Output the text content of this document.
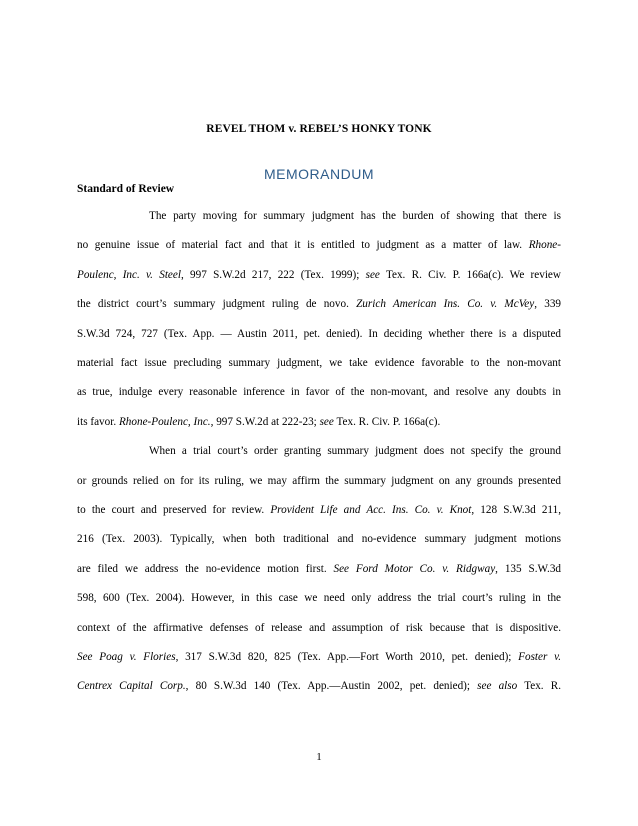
REVEL THOM v. REBEL’S HONKY TONK
MEMORANDUM
Standard of Review
The party moving for summary judgment has the burden of showing that there is
no genuine issue of material fact and that it is entitled to judgment as a matter of law. Rhone-
Poulenc, Inc. v. Steel, 997 S.W.2d 217, 222 (Tex. 1999); see Tex. R. Civ. P. 166a(c). We review
the district court’s summary judgment ruling de novo. Zurich American Ins. Co. v. McVey, 339
S.W.3d 724, 727 (Tex. App. — Austin 2011, pet. denied). In deciding whether there is a disputed
material fact issue precluding summary judgment, we take evidence favorable to the non-movant
as true, indulge every reasonable inference in favor of the non-movant, and resolve any doubts in
its favor. Rhone-Poulenc, Inc., 997 S.W.2d at 222-23; see Tex. R. Civ. P. 166a(c).
When a trial court’s order granting summary judgment does not specify the ground
or grounds relied on for its ruling, we may affirm the summary judgment on any grounds presented
to the court and preserved for review. Provident Life and Acc. Ins. Co. v. Knot, 128 S.W.3d 211,
216 (Tex. 2003). Typically, when both traditional and no-evidence summary judgment motions
are filed we address the no-evidence motion first. See Ford Motor Co. v. Ridgway, 135 S.W.3d
598, 600 (Tex. 2004). However, in this case we need only address the trial court’s ruling in the
context of the affirmative defenses of release and assumption of risk because that is dispositive.
See Poag v. Flories, 317 S.W.3d 820, 825 (Tex. App.—Fort Worth 2010, pet. denied); Foster v.
Centrex Capital Corp., 80 S.W.3d 140 (Tex. App.—Austin 2002, pet. denied); see also Tex. R.
1
